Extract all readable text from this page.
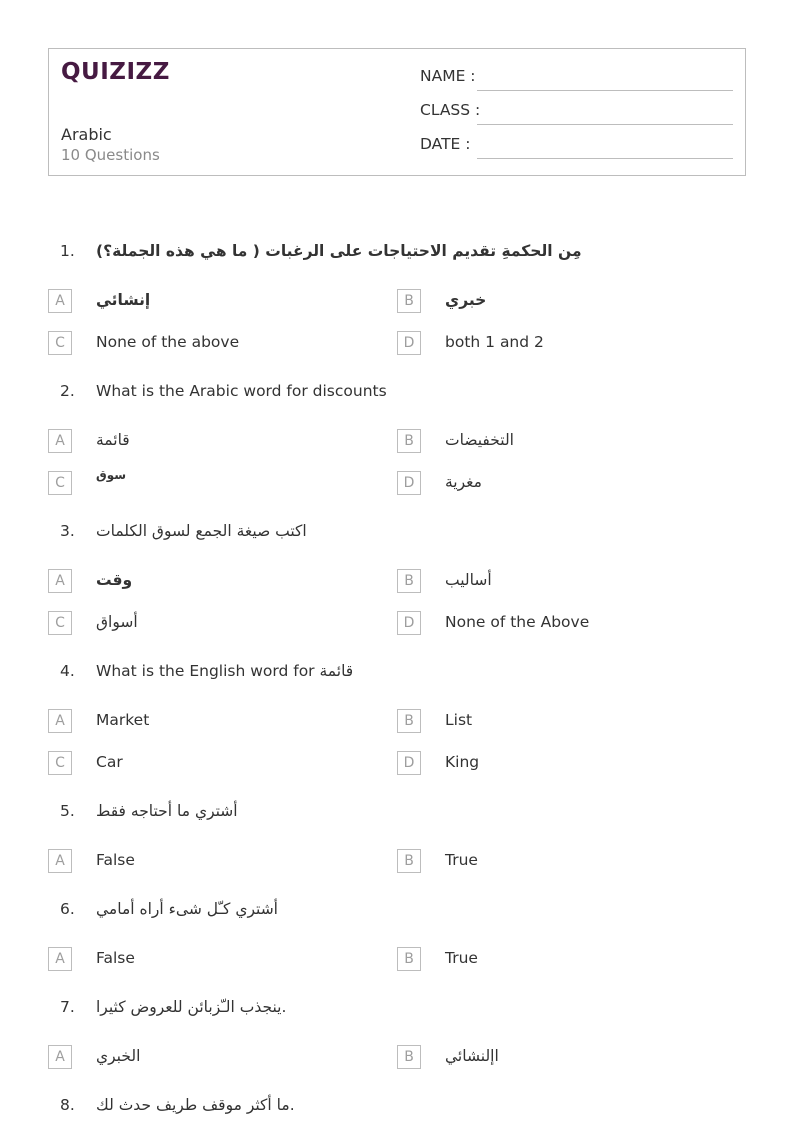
QUIZIZZ
Arabic
10 Questions
NAME :
CLASS :
DATE :
1. مِن الحكمةِ تقديم الاحتياجات على الرغبات ( ما هي هذه الجملة؟)
A	إنشائي	B	خبري
C	None of the above	D	both 1 and 2
2. What is the Arabic word for discounts
A	قائمة	B	التخفيضات
C	سوق	D	مغرية
3. اكتب صيغة الجمع لسوق الكلمات
A	وقت	B	أساليب
C	أسواق	D	None of the Above
4. What is the English word for قائمة
A	Market	B	List
C	Car	D	King
5. أشتري ما أحتاجه فقط
A	False	B	True
6. أشتري كـّل شىء أراه أمامي
A	False	B	True
7. ينجذب الـّزبائن للعروض كثيرا.
A	الخبري	B	اإلنشائي
8. ما أكثر موقف طريف حدث لك.
